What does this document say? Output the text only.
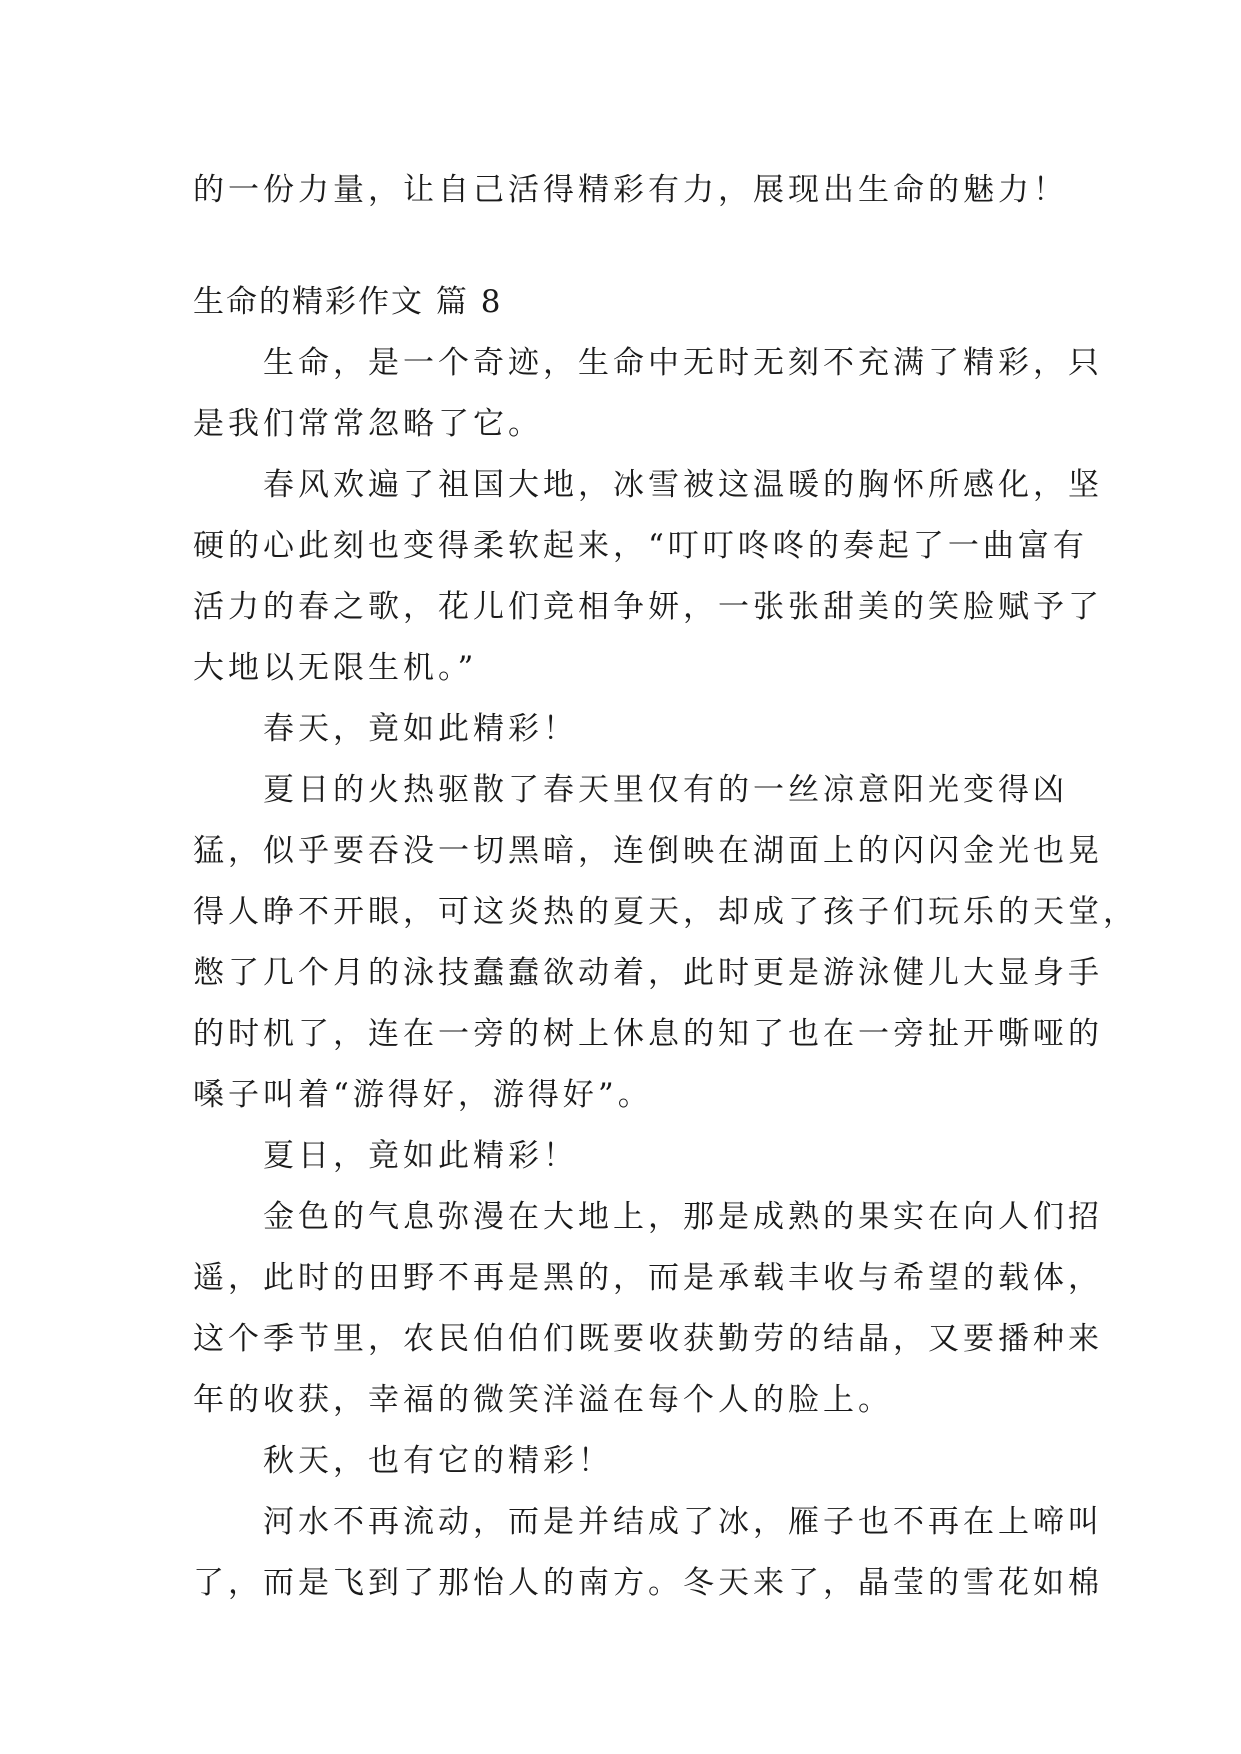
的一份力量，让自己活得精彩有力，展现出生命的魅力！
生命的精彩作文 篇 8
　　生命，是一个奇迹，生命中无时无刻不充满了精彩，只
是我们常常忽略了它。
　　春风欢遍了祖国大地，冰雪被这温暖的胸怀所感化，坚
硬的心此刻也变得柔软起来，“叮叮咚咚的奏起了一曲富有
活力的春之歌，花儿们竞相争妍，一张张甜美的笑脸赋予了
大地以无限生机。”
　　春天，竟如此精彩！
　　夏日的火热驱散了春天里仅有的一丝凉意阳光变得凶
猛，似乎要吞没一切黑暗，连倒映在湖面上的闪闪金光也晃
得人睁不开眼，可这炎热的夏天，却成了孩子们玩乐的天堂，
憋了几个月的泳技蠢蠢欲动着，此时更是游泳健儿大显身手
的时机了，连在一旁的树上休息的知了也在一旁扯开嘶哑的
嗓子叫着“游得好，游得好”。
　　夏日，竟如此精彩！
　　金色的气息弥漫在大地上，那是成熟的果实在向人们招
遥，此时的田野不再是黑的，而是承载丰收与希望的载体，
这个季节里，农民伯伯们既要收获勤劳的结晶，又要播种来
年的收获，幸福的微笑洋溢在每个人的脸上。
　　秋天，也有它的精彩！
　　河水不再流动，而是并结成了冰，雁子也不再在上啼叫
了，而是飞到了那怡人的南方。冬天来了，晶莹的雪花如棉
